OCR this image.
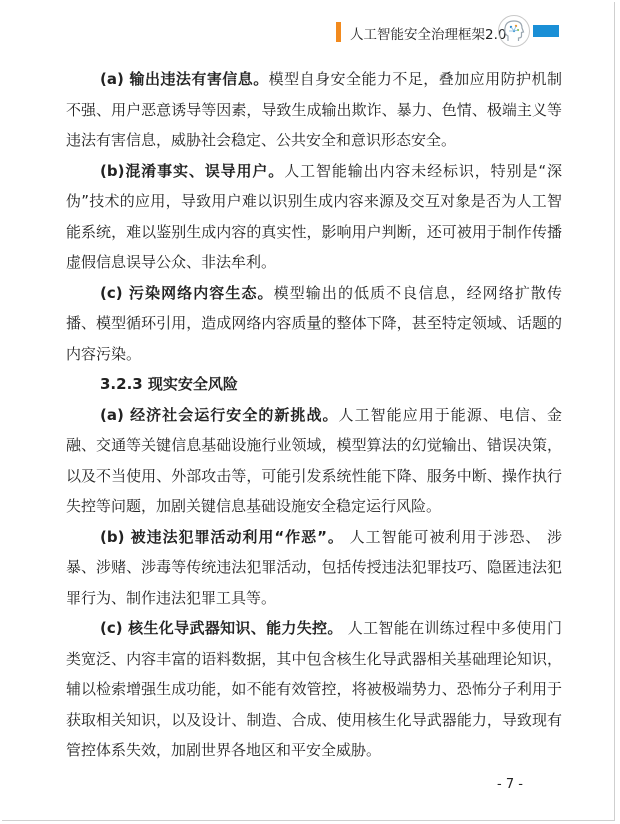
人工智能安全治理框架2.0

(a) 输出违法有害信息。模型自身安全能力不足，叠加应用防护机制不强、用户恶意诱导等因素，导致生成输出欺诈、暴力、色情、极端主义等违法有害信息，威胁社会稳定、公共安全和意识形态安全。

(b)混淆事实、误导用户。人工智能输出内容未经标识，特别是“深伪”技术的应用，导致用户难以识别生成内容来源及交互对象是否为人工智能系统，难以鉴别生成内容的真实性，影响用户判断，还可被用于制作传播虚假信息误导公众、非法牟利。

(c) 污染网络内容生态。模型输出的低质不良信息，经网络扩散传播、模型循环引用，造成网络内容质量的整体下降，甚至特定领域、话题的内容污染。

3.2.3 现实安全风险

(a) 经济社会运行安全的新挑战。人工智能应用于能源、电信、金融、交通等关键信息基础设施行业领域，模型算法的幻觉输出、错误决策，以及不当使用、外部攻击等，可能引发系统性能下降、服务中断、操作执行失控等问题，加剧关键信息基础设施安全稳定运行风险。

(b) 被违法犯罪活动利用“作恶”。 人工智能可被利用于涉恐、 涉暴、涉赌、涉毒等传统违法犯罪活动，包括传授违法犯罪技巧、隐匿违法犯罪行为、制作违法犯罪工具等。

(c) 核生化导武器知识、能力失控。 人工智能在训练过程中多使用门类宽泛、内容丰富的语料数据，其中包含核生化导武器相关基础理论知识，辅以检索增强生成功能，如不能有效管控，将被极端势力、恐怖分子利用于获取相关知识，以及设计、制造、合成、使用核生化导武器能力，导致现有管控体系失效，加剧世界各地区和平安全威胁。

- 7 -
